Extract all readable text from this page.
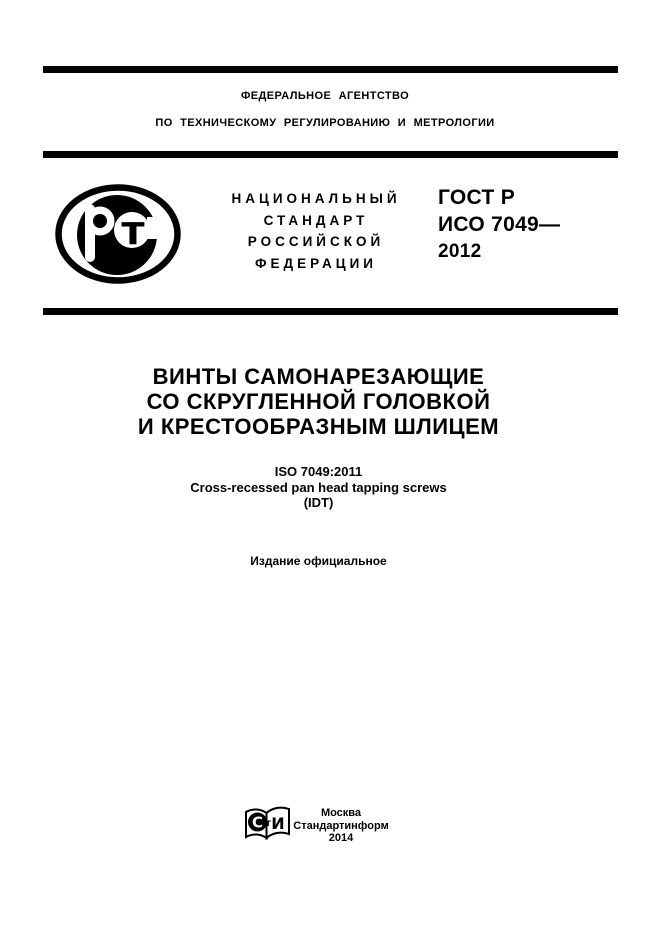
ФЕДЕРАЛЬНОЕ АГЕНТСТВО
ПО ТЕХНИЧЕСКОМУ РЕГУЛИРОВАНИЮ И МЕТРОЛОГИИ
т
НАЦИОНАЛЬНЫЙ
СТАНДАРТ
РОССИЙСКОЙ
ФЕДЕРАЦИИ
ГОСТ Р
ИСО 7049—
2012
ВИНТЫ САМОНАРЕЗАЮЩИЕ
СО СКРУГЛЕННОЙ ГОЛОВКОЙ
И КРЕСТООБРАЗНЫМ ШЛИЦЕМ
ISO 7049:2011
Cross-recessed pan head tapping screws
(IDT)
Издание официальное
С т И
Москва
Стандартинформ
2014
